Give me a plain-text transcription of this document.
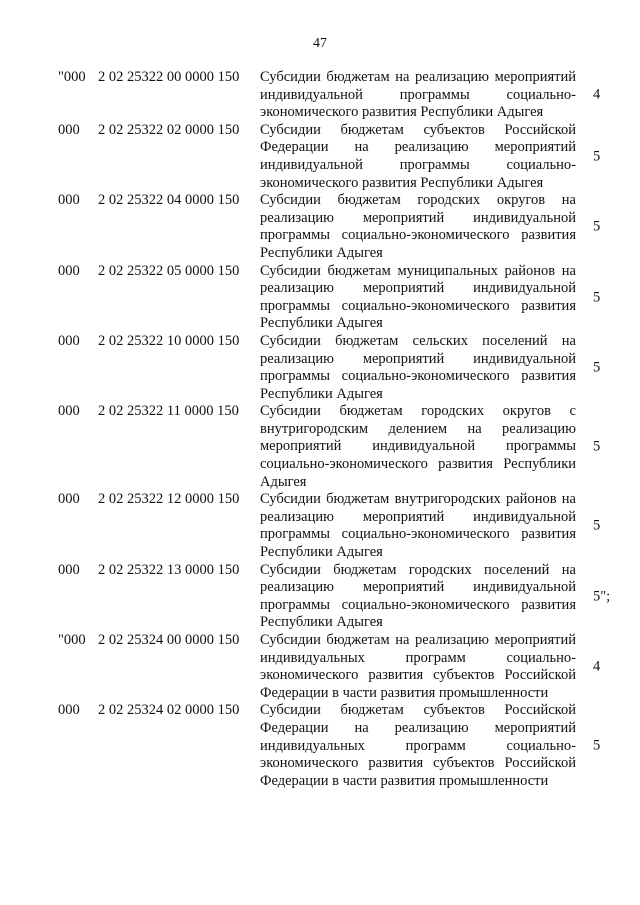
47
"000 2 02 25322 00 0000 150 Субсидии бюджетам на реализацию мероприятий индивидуальной программы социально-экономического развития Республики Адыгея
4
000 2 02 25322 02 0000 150 Субсидии бюджетам субъектов Российской Федерации на реализацию мероприятий индивидуальной программы социально-экономического развития Республики Адыгея
5
000 2 02 25322 04 0000 150 Субсидии бюджетам городских округов на реализацию мероприятий индивидуальной программы социально-экономического развития Республики Адыгея
5
000 2 02 25322 05 0000 150 Субсидии бюджетам муниципальных районов на реализацию мероприятий индивидуальной программы социально-экономического развития Республики Адыгея
5
000 2 02 25322 10 0000 150 Субсидии бюджетам сельских поселений на реализацию мероприятий индивидуальной программы социально-экономического развития Республики Адыгея
5
000 2 02 25322 11 0000 150 Субсидии бюджетам городских округов с внутригородским делением на реализацию мероприятий индивидуальной программы социально-экономического развития Республики Адыгея
5
000 2 02 25322 12 0000 150 Субсидии бюджетам внутригородских районов на реализацию мероприятий индивидуальной программы социально-экономического развития Республики Адыгея
5
000 2 02 25322 13 0000 150 Субсидии бюджетам городских поселений на реализацию мероприятий индивидуальной программы социально-экономического развития Республики Адыгея
5";
"000 2 02 25324 00 0000 150 Субсидии бюджетам на реализацию мероприятий индивидуальных программ социально-экономического развития субъектов Российской Федерации в части развития промышленности
4
000 2 02 25324 02 0000 150 Субсидии бюджетам субъектов Российской Федерации на реализацию мероприятий индивидуальных программ социально-экономического развития субъектов Российской Федерации в части развития промышленности
5
